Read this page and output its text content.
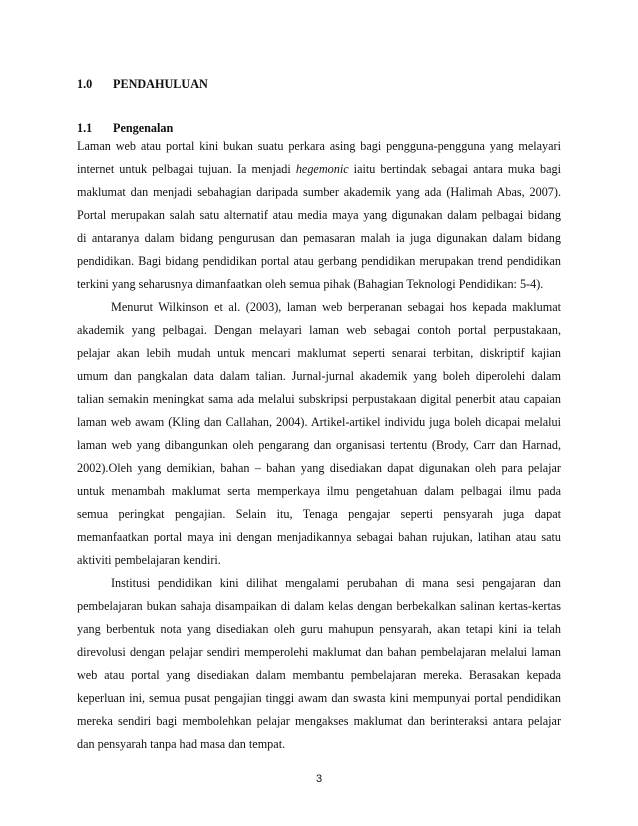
1.0 PENDAHULUAN
1.1 Pengenalan
Laman web atau portal kini bukan suatu perkara asing bagi pengguna-pengguna yang melayari
internet untuk pelbagai tujuan. Ia menjadi hegemonic iaitu bertindak sebagai antara muka bagi
maklumat dan menjadi sebahagian daripada sumber akademik yang ada (Halimah Abas, 2007).
Portal merupakan salah satu alternatif atau media maya yang digunakan dalam pelbagai bidang
di antaranya dalam bidang pengurusan dan pemasaran malah ia juga digunakan dalam bidang
pendidikan. Bagi bidang pendidikan portal atau gerbang pendidikan merupakan trend pendidikan
terkini yang seharusnya dimanfaatkan oleh semua pihak (Bahagian Teknologi Pendidikan: 5-4).
Menurut Wilkinson et al. (2003), laman web berperanan sebagai hos kepada maklumat
akademik yang pelbagai. Dengan melayari laman web sebagai contoh portal perpustakaan,
pelajar akan lebih mudah untuk mencari maklumat seperti senarai terbitan, diskriptif kajian
umum dan pangkalan data dalam talian. Jurnal-jurnal akademik yang boleh diperolehi dalam
talian semakin meningkat sama ada melalui subskripsi perpustakaan digital penerbit atau capaian
laman web awam (Kling dan Callahan, 2004). Artikel-artikel individu juga boleh dicapai melalui
laman web yang dibangunkan oleh pengarang dan organisasi tertentu (Brody, Carr dan Harnad,
2002).Oleh yang demikian, bahan – bahan yang disediakan dapat digunakan oleh para pelajar
untuk menambah maklumat serta memperkaya ilmu pengetahuan dalam pelbagai ilmu pada
semua peringkat pengajian. Selain itu, Tenaga pengajar seperti pensyarah juga dapat
memanfaatkan portal maya ini dengan menjadikannya sebagai bahan rujukan, latihan atau satu
aktiviti pembelajaran kendiri.
Institusi pendidikan kini dilihat mengalami perubahan di mana sesi pengajaran dan
pembelajaran bukan sahaja disampaikan di dalam kelas dengan berbekalkan salinan kertas-kertas
yang berbentuk nota yang disediakan oleh guru mahupun pensyarah, akan tetapi kini ia telah
direvolusi dengan pelajar sendiri memperolehi maklumat dan bahan pembelajaran melalui laman
web atau portal yang disediakan dalam membantu pembelajaran mereka. Berasakan kepada
keperluan ini, semua pusat pengajian tinggi awam dan swasta kini mempunyai portal pendidikan
mereka sendiri bagi membolehkan pelajar mengakses maklumat dan berinteraksi antara pelajar
dan pensyarah tanpa had masa dan tempat.
3
